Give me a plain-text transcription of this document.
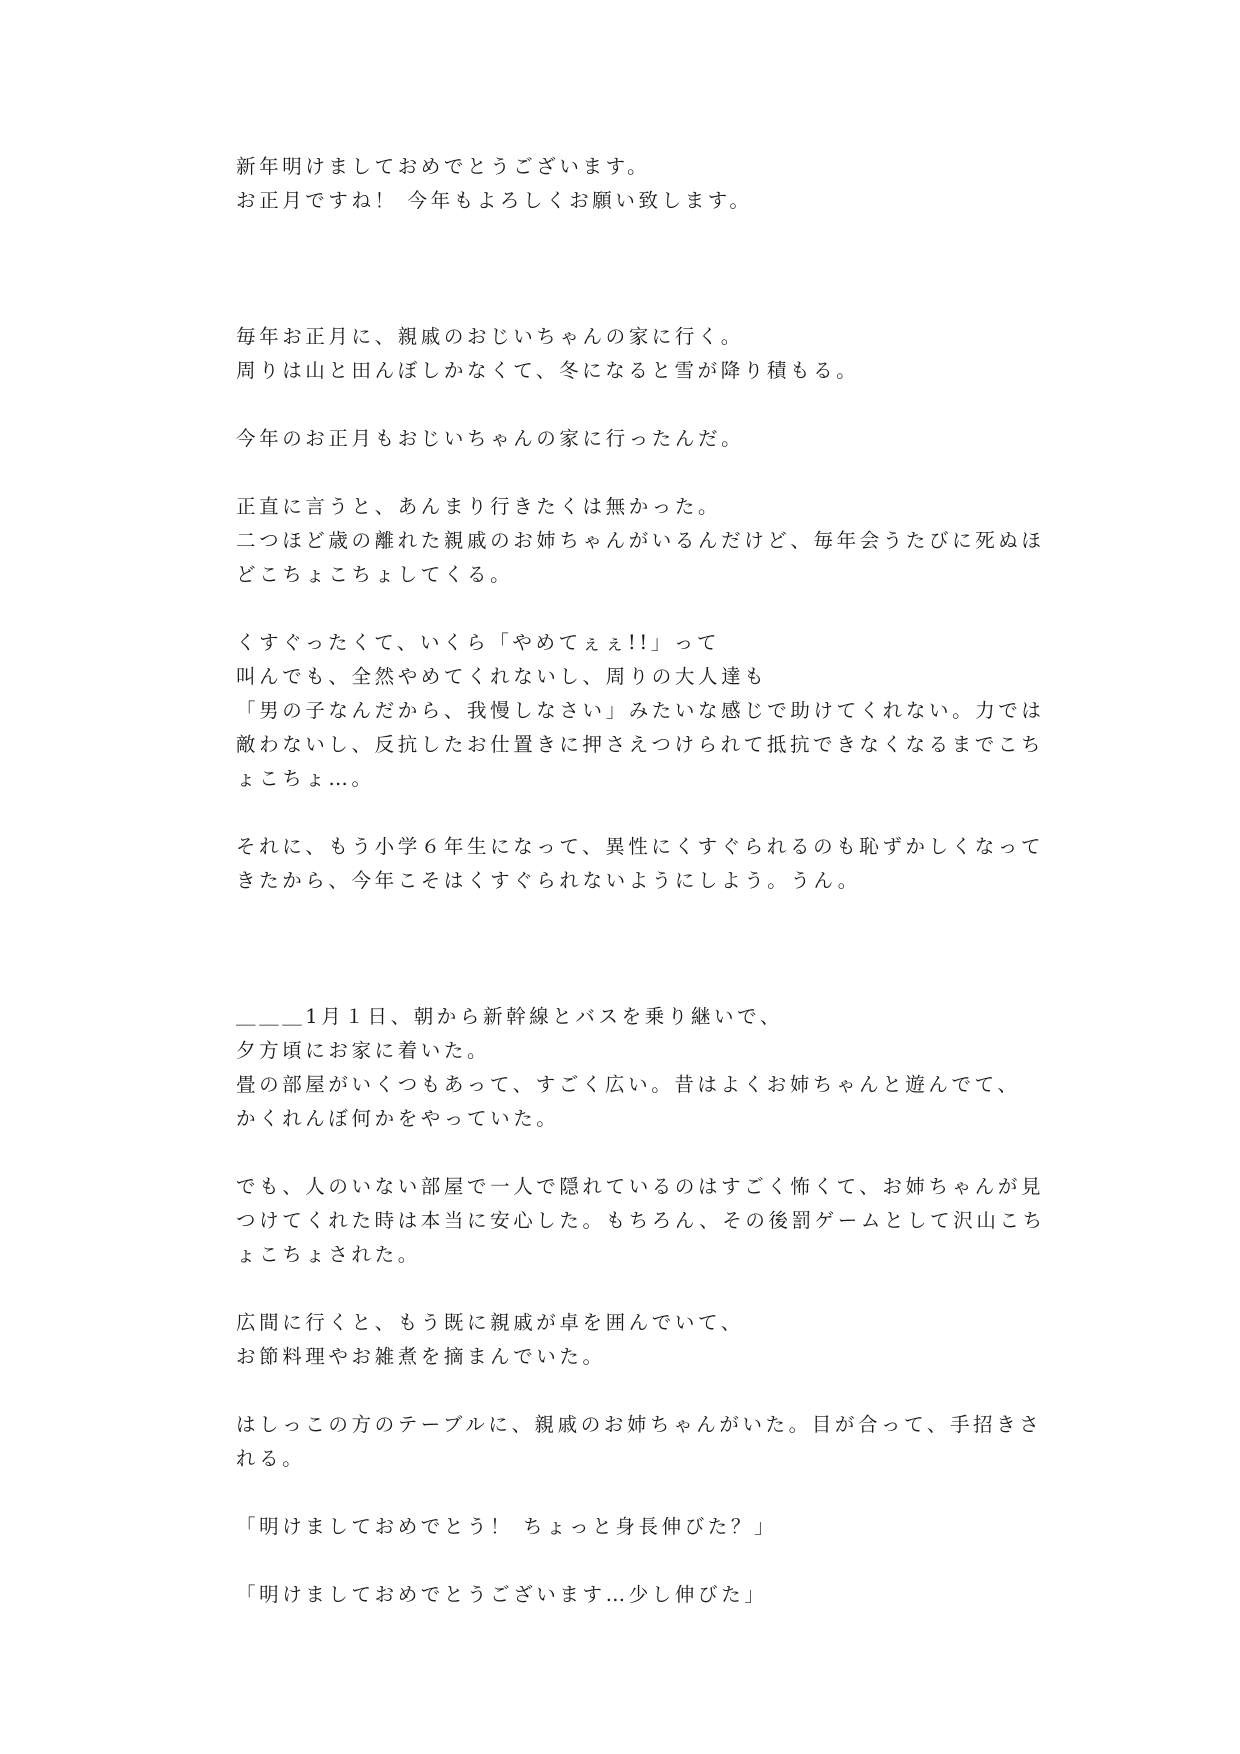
新年明けましておめでとうございます。
お正月ですね！ 今年もよろしくお願い致します。
毎年お正月に、親戚のおじいちゃんの家に行く。
周りは山と田んぼしかなくて、冬になると雪が降り積もる。
今年のお正月もおじいちゃんの家に行ったんだ。
正直に言うと、あんまり行きたくは無かった。
二つほど歳の離れた親戚のお姉ちゃんがいるんだけど、毎年会うたびに死ぬほ
どこちょこちょしてくる。
くすぐったくて、いくら「やめてぇぇ!!」って
叫んでも、全然やめてくれないし、周りの大人達も
「男の子なんだから、我慢しなさい」みたいな感じで助けてくれない。力では
敵わないし、反抗したお仕置きに押さえつけられて抵抗できなくなるまでこち
ょこちょ…。
それに、もう小学６年生になって、異性にくすぐられるのも恥ずかしくなって
きたから、今年こそはくすぐられないようにしよう。うん。
＿＿＿1月１日、朝から新幹線とバスを乗り継いで、
夕方頃にお家に着いた。
畳の部屋がいくつもあって、すごく広い。昔はよくお姉ちゃんと遊んでて、
かくれんぼ何かをやっていた。
でも、人のいない部屋で一人で隠れているのはすごく怖くて、お姉ちゃんが見
つけてくれた時は本当に安心した。もちろん、その後罰ゲームとして沢山こち
ょこちょされた。
広間に行くと、もう既に親戚が卓を囲んでいて、
お節料理やお雑煮を摘まんでいた。
はしっこの方のテーブルに、親戚のお姉ちゃんがいた。目が合って、手招きさ
れる。
「明けましておめでとう！ ちょっと身長伸びた？」
「明けましておめでとうございます…少し伸びた」
